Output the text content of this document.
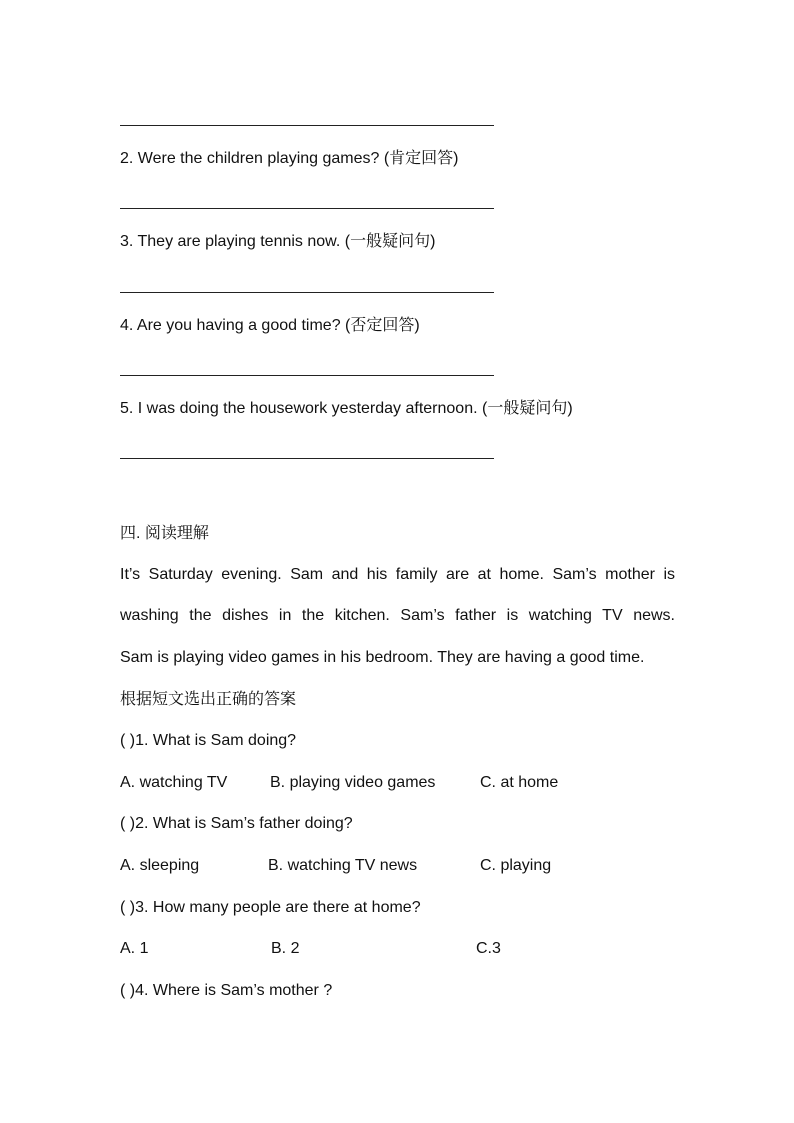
2. Were the children playing games? (肯定回答)
3. They are playing tennis now. (一般疑问句)
4. Are you having a good time? (否定回答)
5. I was doing the housework yesterday afternoon. (一般疑问句)
四. 阅读理解
It’s Saturday evening. Sam and his family are at home. Sam’s mother is
washing the dishes in the kitchen. Sam’s father is watching TV news.
Sam is playing video games in his bedroom. They are having a good time.
根据短文选出正确的答案
( )1. What is Sam doing?
A. watching TV	B. playing video games	C. at home
( )2. What is Sam’s father doing?
A. sleeping	B. watching TV news	C. playing
( )3. How many people are there at home?
A. 1	B. 2	C.3
( )4. Where is Sam’s mother ?
